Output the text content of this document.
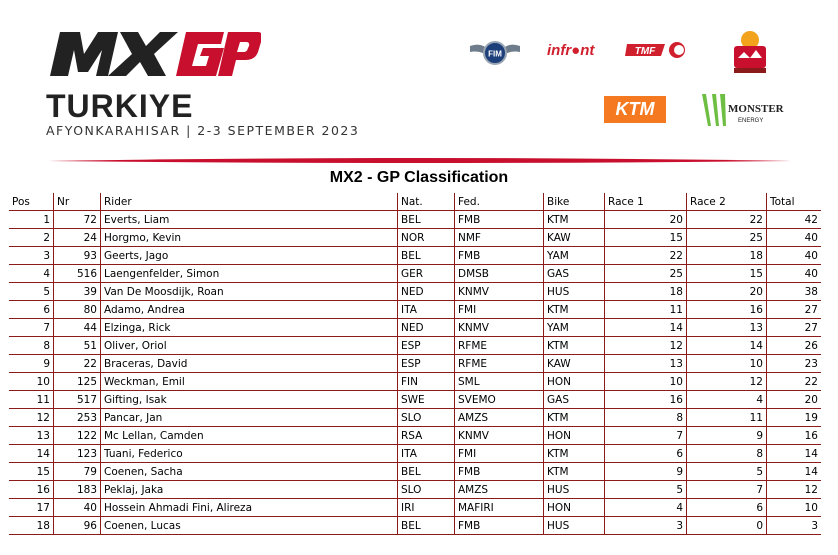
TURKIYE
AFYONKARAHISAR | 2-3 SEPTEMBER 2023
FIM	infr●nt	TMF
KTM	MONSTER
ENERGY
MX2 - GP Classification
Pos	Nr	Rider	Nat.	Fed.	Bike	Race 1	Race 2	Total
1	72	Everts, Liam	BEL	FMB	KTM	20	22	42
2	24	Horgmo, Kevin	NOR	NMF	KAW	15	25	40
3	93	Geerts, Jago	BEL	FMB	YAM	22	18	40
4	516	Laengenfelder, Simon	GER	DMSB	GAS	25	15	40
5	39	Van De Moosdijk, Roan	NED	KNMV	HUS	18	20	38
6	80	Adamo, Andrea	ITA	FMI	KTM	11	16	27
7	44	Elzinga, Rick	NED	KNMV	YAM	14	13	27
8	51	Oliver, Oriol	ESP	RFME	KTM	12	14	26
9	22	Braceras, David	ESP	RFME	KAW	13	10	23
10	125	Weckman, Emil	FIN	SML	HON	10	12	22
11	517	Gifting, Isak	SWE	SVEMO	GAS	16	4	20
12	253	Pancar, Jan	SLO	AMZS	KTM	8	11	19
13	122	Mc Lellan, Camden	RSA	KNMV	HON	7	9	16
14	123	Tuani, Federico	ITA	FMI	KTM	6	8	14
15	79	Coenen, Sacha	BEL	FMB	KTM	9	5	14
16	183	Peklaj, Jaka	SLO	AMZS	HUS	5	7	12
17	40	Hossein Ahmadi Fini, Alireza	IRI	MAFIRI	HON	4	6	10
18	96	Coenen, Lucas	BEL	FMB	HUS	3	0	3
